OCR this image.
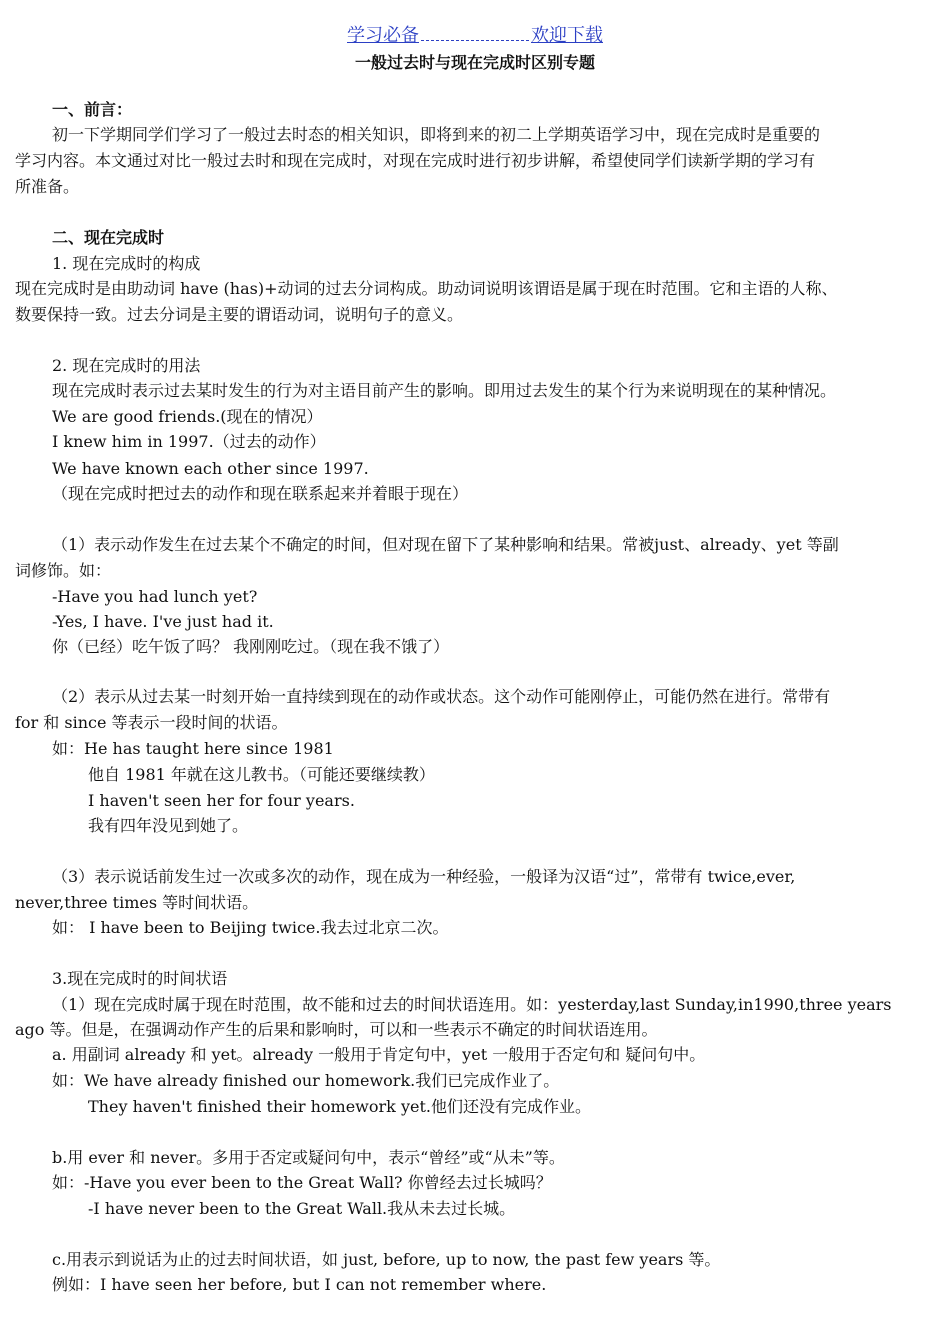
学习必备	欢迎下载
一般过去时与现在完成时区别专题
一、前言：
初一下学期同学们学习了一般过去时态的相关知识，即将到来的初二上学期英语学习中，现在完成时是重要的
学习内容。本文通过对比一般过去时和现在完成时，对现在完成时进行初步讲解，希望使同学们读新学期的学习有
所准备。
二、现在完成时
1. 现在完成时的构成
现在完成时是由助动词 have (has)+动词的过去分词构成。助动词说明该谓语是属于现在时范围。它和主语的人称、
数要保持一致。过去分词是主要的谓语动词，说明句子的意义。
2. 现在完成时的用法
现在完成时表示过去某时发生的行为对主语目前产生的影响。即用过去发生的某个行为来说明现在的某种情况。
We are good friends.(现在的情况）
I knew him in 1997.（过去的动作）
We have known each other since 1997.
（现在完成时把过去的动作和现在联系起来并着眼于现在）
（1）表示动作发生在过去某个不确定的时间，但对现在留下了某种影响和结果。常被just、already、yet 等副
词修饰。如：
-Have you had lunch yet?
-Yes, I have. I've just had it.
你（已经）吃午饭了吗？ 我刚刚吃过。（现在我不饿了）
（2）表示从过去某一时刻开始一直持续到现在的动作或状态。这个动作可能刚停止，可能仍然在进行。常带有
for 和 since 等表示一段时间的状语。
如：He has taught here since 1981
他自 1981 年就在这儿教书。（可能还要继续教）
I haven't seen her for four years.
我有四年没见到她了。
（3）表示说话前发生过一次或多次的动作，现在成为一种经验，一般译为汉语“过”，常带有 twice,ever,
never,three times 等时间状语。
如： I have been to Beijing twice.我去过北京二次。
3.现在完成时的时间状语
（1）现在完成时属于现在时范围，故不能和过去的时间状语连用。如：yesterday,last Sunday,in1990,three years
ago 等。但是，在强调动作产生的后果和影响时，可以和一些表示不确定的时间状语连用。
a. 用副词 already 和 yet。already 一般用于肯定句中，yet 一般用于否定句和 疑问句中。
如：We have already finished our homework.我们已完成作业了。
They haven't finished their homework yet.他们还没有完成作业。
b.用 ever 和 never。多用于否定或疑问句中，表示“曾经”或“从未”等。
如：-Have you ever been to the Great Wall? 你曾经去过长城吗？
-I have never been to the Great Wall.我从未去过长城。
c.用表示到说话为止的过去时间状语，如 just, before, up to now, the past few years 等。
例如：I have seen her before, but I can not remember where.
